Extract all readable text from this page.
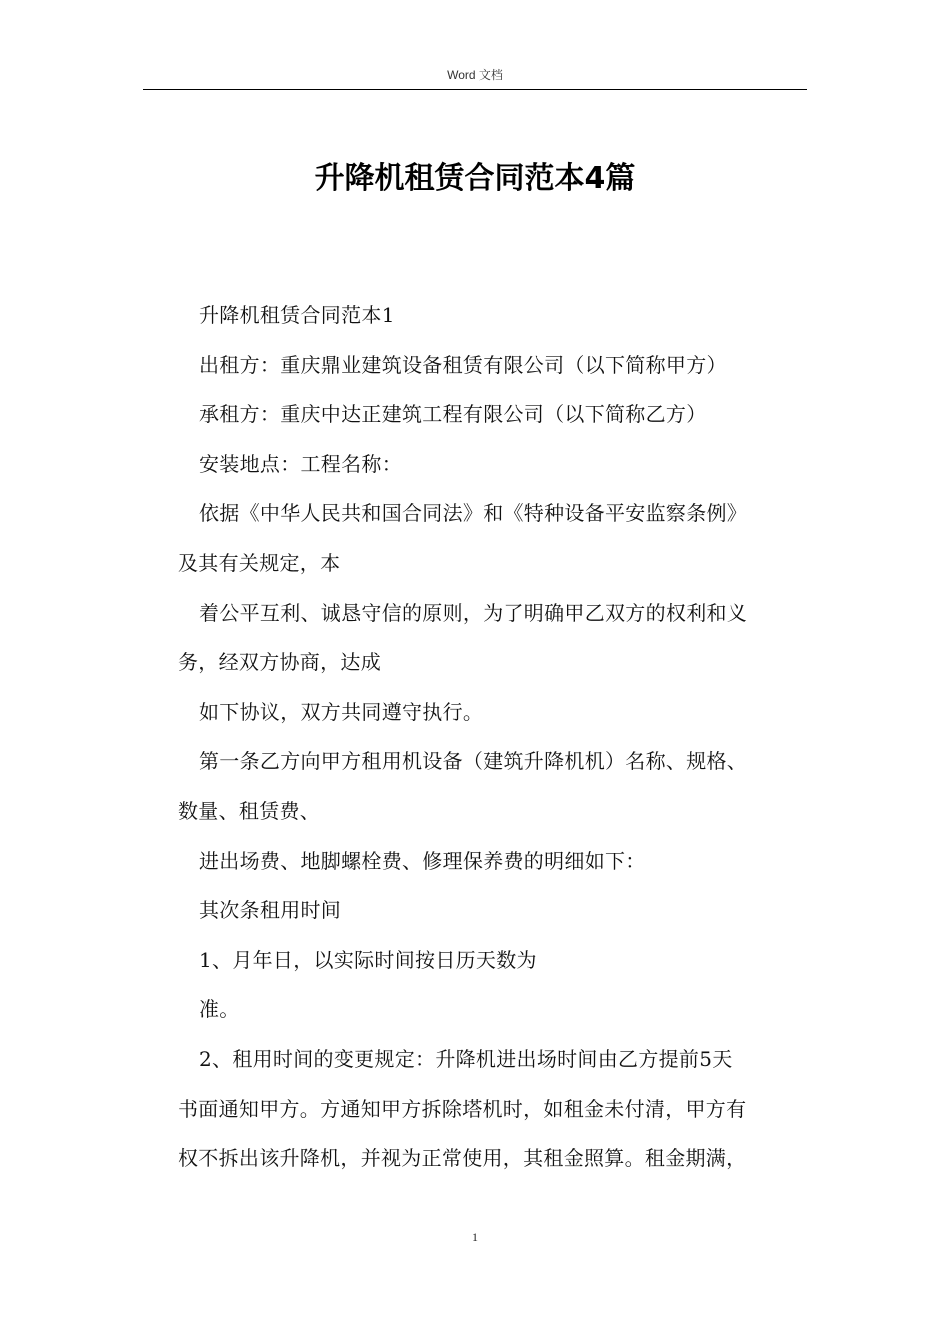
Word 文档
升降机租赁合同范本4篇
升降机租赁合同范本1
出租方：重庆鼎业建筑设备租赁有限公司（以下简称甲方）
承租方：重庆中达正建筑工程有限公司（以下简称乙方）
安装地点：工程名称：
依据《中华人民共和国合同法》和《特种设备平安监察条例》
及其有关规定，本
着公平互利、诚恳守信的原则，为了明确甲乙双方的权利和义
务，经双方协商，达成
如下协议，双方共同遵守执行。
第一条乙方向甲方租用机设备（建筑升降机机）名称、规格、
数量、租赁费、
进出场费、地脚螺栓费、修理保养费的明细如下：
其次条租用时间
1、月年日，以实际时间按日历天数为
准。
2、租用时间的变更规定：升降机进出场时间由乙方提前5天
书面通知甲方。方通知甲方拆除塔机时，如租金未付清，甲方有
权不拆出该升降机，并视为正常使用，其租金照算。租金期满，
1
